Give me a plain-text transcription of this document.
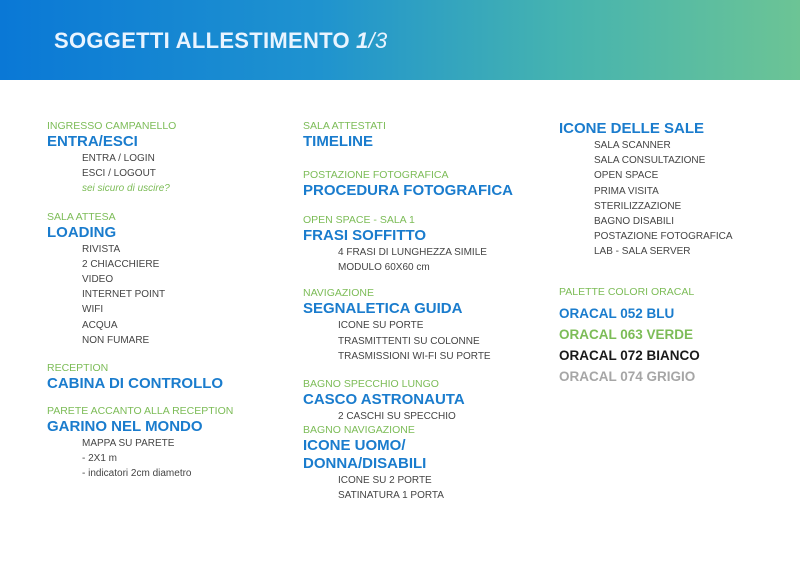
SOGGETTI ALLESTIMENTO 1/3
INGRESSO CAMPANELLO
ENTRA/ESCI
ENTRA / LOGIN
ESCI / LOGOUT
sei sicuro di uscire?
SALA ATTESA
LOADING
RIVISTA
2 CHIACCHIERE
VIDEO
INTERNET POINT
WIFI
ACQUA
NON FUMARE
RECEPTION
CABINA DI CONTROLLO
PARETE ACCANTO ALLA RECEPTION
GARINO NEL MONDO
MAPPA SU PARETE
- 2X1 m
- indicatori 2cm diametro
SALA ATTESTATI
TIMELINE
POSTAZIONE FOTOGRAFICA
PROCEDURA FOTOGRAFICA
OPEN SPACE - SALA 1
FRASI SOFFITTO
4 FRASI DI LUNGHEZZA SIMILE
MODULO 60X60 cm
NAVIGAZIONE
SEGNALETICA GUIDA
ICONE SU PORTE
TRASMITTENTI SU COLONNE
TRASMISSIONI WI-FI SU PORTE
BAGNO SPECCHIO LUNGO
CASCO ASTRONAUTA
2 CASCHI SU SPECCHIO
BAGNO NAVIGAZIONE
ICONE UOMO/
DONNA/DISABILI
ICONE SU 2 PORTE
SATINATURA 1 PORTA
ICONE DELLE SALE
SALA SCANNER
SALA CONSULTAZIONE
OPEN SPACE
PRIMA VISITA
STERILIZZAZIONE
BAGNO DISABILI
POSTAZIONE FOTOGRAFICA
LAB - SALA SERVER
PALETTE COLORI ORACAL
ORACAL 052 BLU
ORACAL 063 VERDE
ORACAL 072 BIANCO
ORACAL 074 GRIGIO
